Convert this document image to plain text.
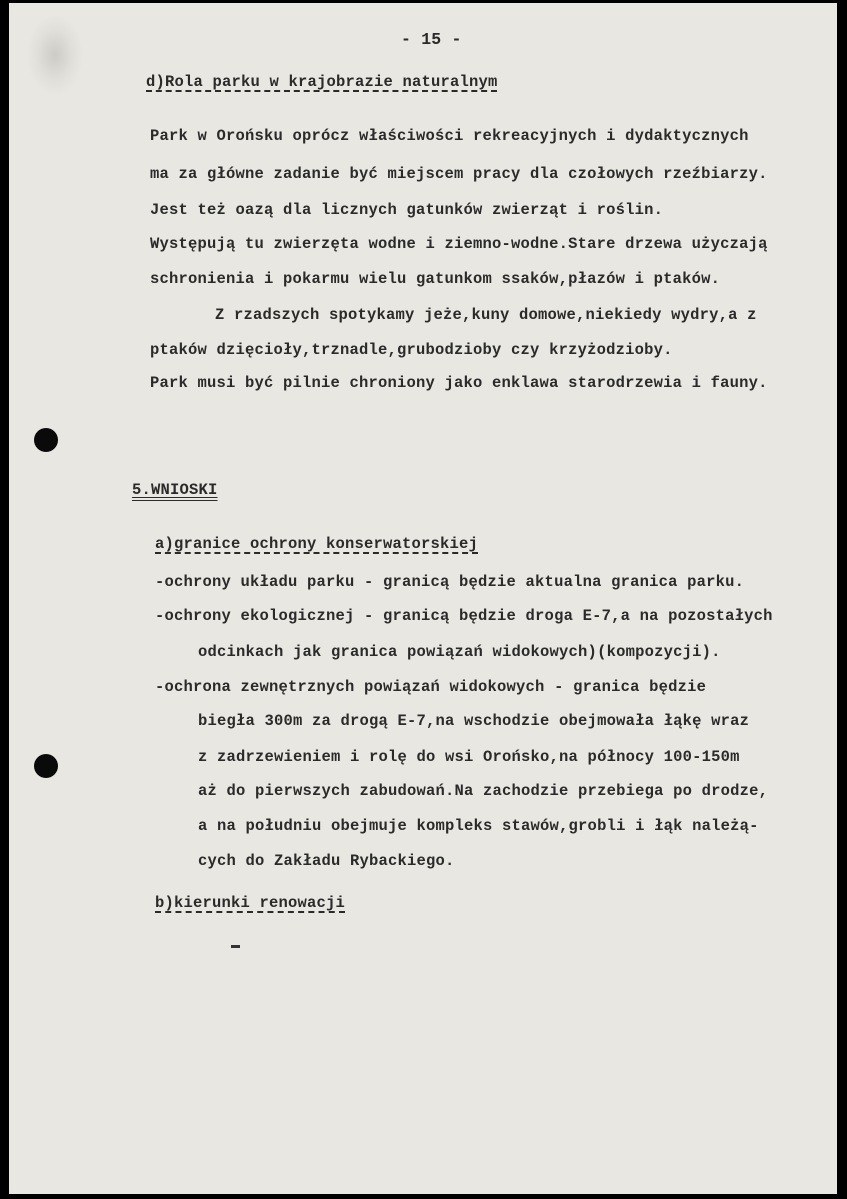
- 15 -

d)Rola parku w krajobrazie naturalnym

Park w Orońsku oprócz właściwości rekreacyjnych i dydaktycznych

ma za główne zadanie być miejscem pracy dla czołowych rzeźbiarzy.

Jest też oazą dla licznych gatunków zwierząt i roślin.

Występują tu zwierzęta wodne i ziemno-wodne.Stare drzewa użyczają

schronienia i pokarmu wielu gatunkom ssaków,płazów i ptaków.

Z rzadszych spotykamy jeże,kuny domowe,niekiedy wydry,a z

ptaków dzięcioły,trznadle,grubodzioby czy krzyżodzioby.

Park musi być pilnie chroniony jako enklawa starodrzewia i fauny.

5.WNIOSKI

a)granice ochrony konserwatorskiej

-ochrony układu parku - granicą będzie aktualna granica parku.

-ochrony ekologicznej - granicą będzie droga E-7,a na pozostałych

odcinkach jak granica powiązań widokowych)(kompozycji).

-ochrona zewnętrznych powiązań widokowych - granica będzie

biegła 300m za drogą E-7,na wschodzie obejmowała łąkę wraz

z zadrzewieniem i rolę do wsi Orońsko,na północy 100-150m

aż do pierwszych zabudowań.Na zachodzie przebiega po drodze,

a na południu obejmuje kompleks stawów,grobli i łąk należą-

cych do Zakładu Rybackiego.

b)kierunki renowacji
